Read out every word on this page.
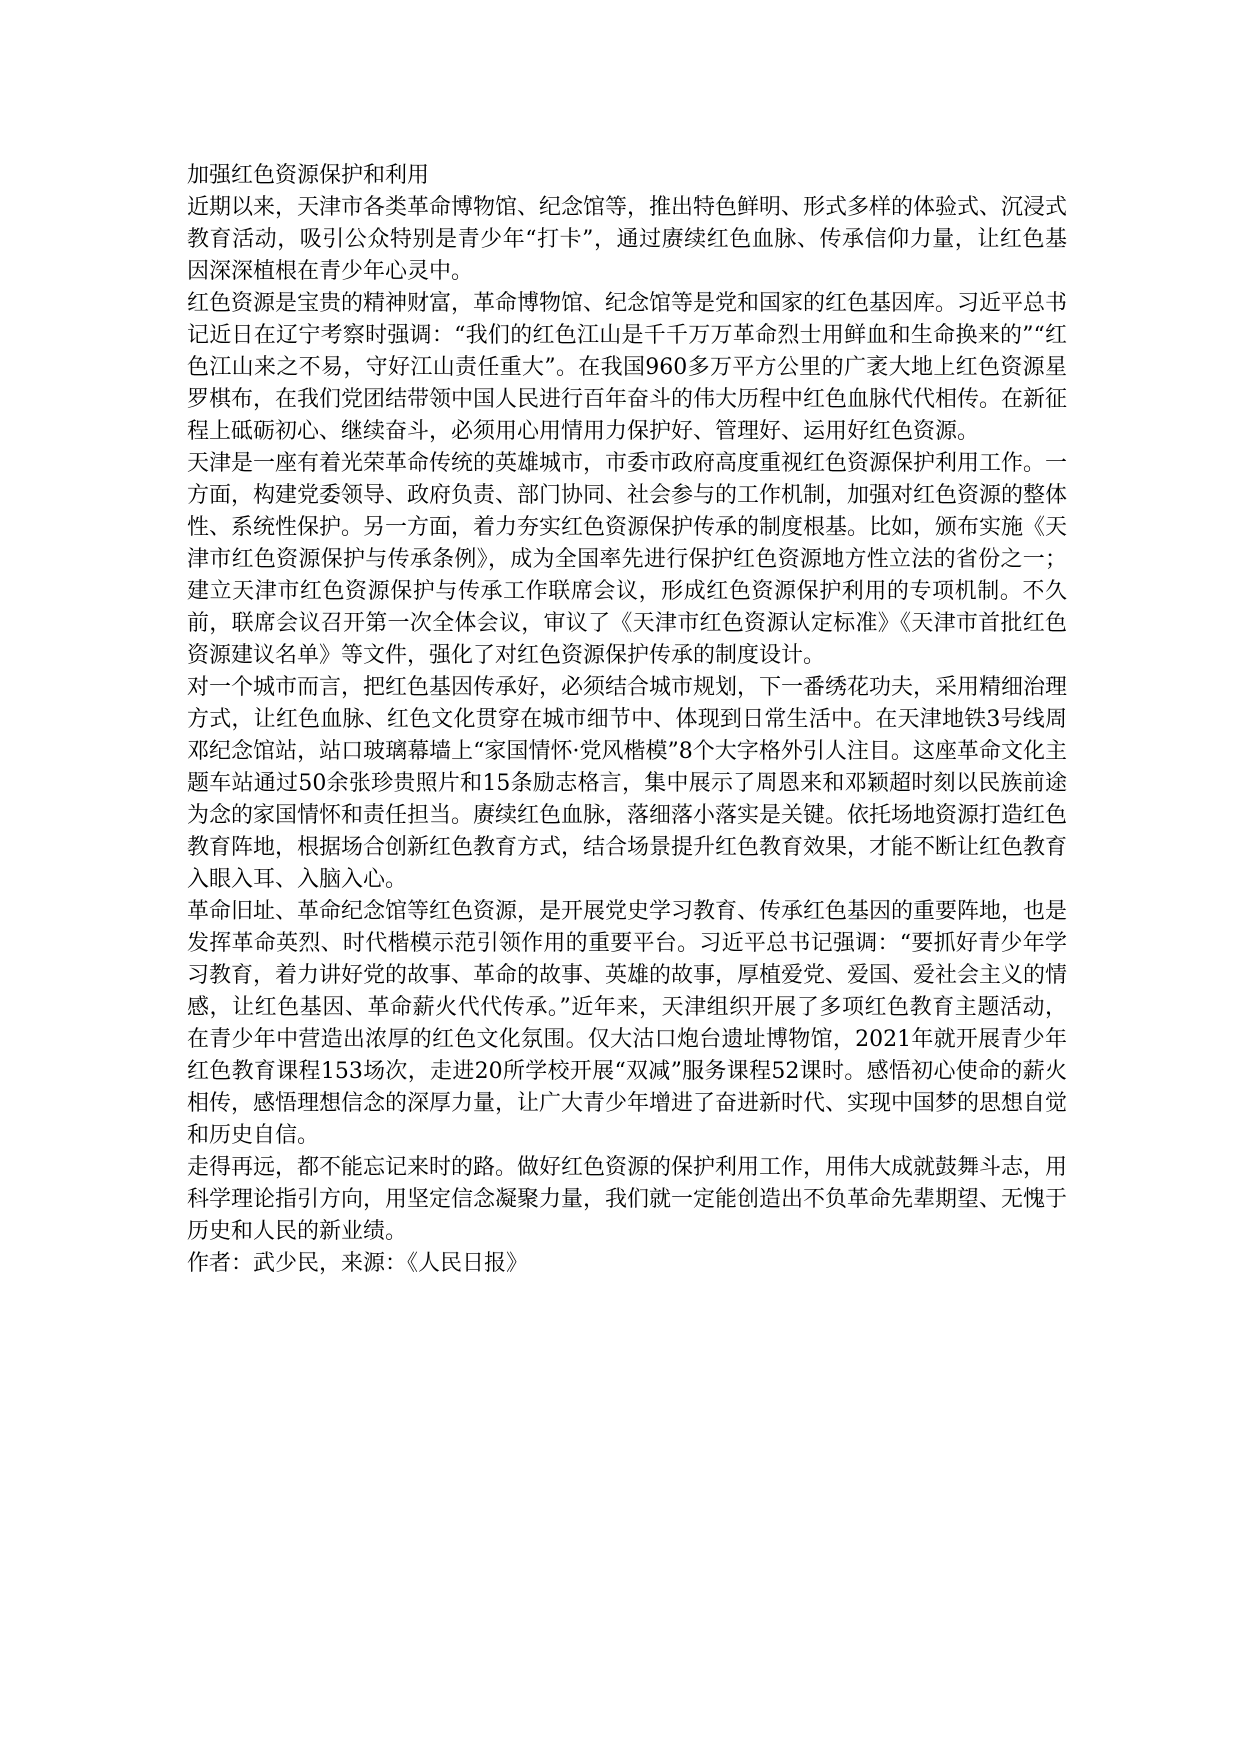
加强红色资源保护和利用

近期以来，天津市各类革命博物馆、纪念馆等，推出特色鲜明、形式多样的体验式、沉浸式教育活动，吸引公众特别是青少年“打卡”，通过赓续红色血脉、传承信仰力量，让红色基因深深植根在青少年心灵中。

红色资源是宝贵的精神财富，革命博物馆、纪念馆等是党和国家的红色基因库。习近平总书记近日在辽宁考察时强调：“我们的红色江山是千千万万革命烈士用鲜血和生命换来的”“红色江山来之不易，守好江山责任重大”。在我国960多万平方公里的广袤大地上红色资源星罗棋布，在我们党团结带领中国人民进行百年奋斗的伟大历程中红色血脉代代相传。在新征程上砥砺初心、继续奋斗，必须用心用情用力保护好、管理好、运用好红色资源。

天津是一座有着光荣革命传统的英雄城市，市委市政府高度重视红色资源保护利用工作。一方面，构建党委领导、政府负责、部门协同、社会参与的工作机制，加强对红色资源的整体性、系统性保护。另一方面，着力夯实红色资源保护传承的制度根基。比如，颁布实施《天津市红色资源保护与传承条例》，成为全国率先进行保护红色资源地方性立法的省份之一；建立天津市红色资源保护与传承工作联席会议，形成红色资源保护利用的专项机制。不久前，联席会议召开第一次全体会议，审议了《天津市红色资源认定标准》《天津市首批红色资源建议名单》等文件，强化了对红色资源保护传承的制度设计。

对一个城市而言，把红色基因传承好，必须结合城市规划，下一番绣花功夫，采用精细治理方式，让红色血脉、红色文化贯穿在城市细节中、体现到日常生活中。在天津地铁3号线周邓纪念馆站，站口玻璃幕墙上“家国情怀·党风楷模”8个大字格外引人注目。这座革命文化主题车站通过50余张珍贵照片和15条励志格言，集中展示了周恩来和邓颖超时刻以民族前途为念的家国情怀和责任担当。赓续红色血脉，落细落小落实是关键。依托场地资源打造红色教育阵地，根据场合创新红色教育方式，结合场景提升红色教育效果，才能不断让红色教育入眼入耳、入脑入心。

革命旧址、革命纪念馆等红色资源，是开展党史学习教育、传承红色基因的重要阵地，也是发挥革命英烈、时代楷模示范引领作用的重要平台。习近平总书记强调：“要抓好青少年学习教育，着力讲好党的故事、革命的故事、英雄的故事，厚植爱党、爱国、爱社会主义的情感，让红色基因、革命薪火代代传承。”近年来，天津组织开展了多项红色教育主题活动，在青少年中营造出浓厚的红色文化氛围。仅大沽口炮台遗址博物馆，2021年就开展青少年红色教育课程153场次，走进20所学校开展“双减”服务课程52课时。感悟初心使命的薪火相传，感悟理想信念的深厚力量，让广大青少年增进了奋进新时代、实现中国梦的思想自觉和历史自信。

走得再远，都不能忘记来时的路。做好红色资源的保护利用工作，用伟大成就鼓舞斗志，用科学理论指引方向，用坚定信念凝聚力量，我们就一定能创造出不负革命先辈期望、无愧于历史和人民的新业绩。

作者：武少民，来源：《人民日报》
